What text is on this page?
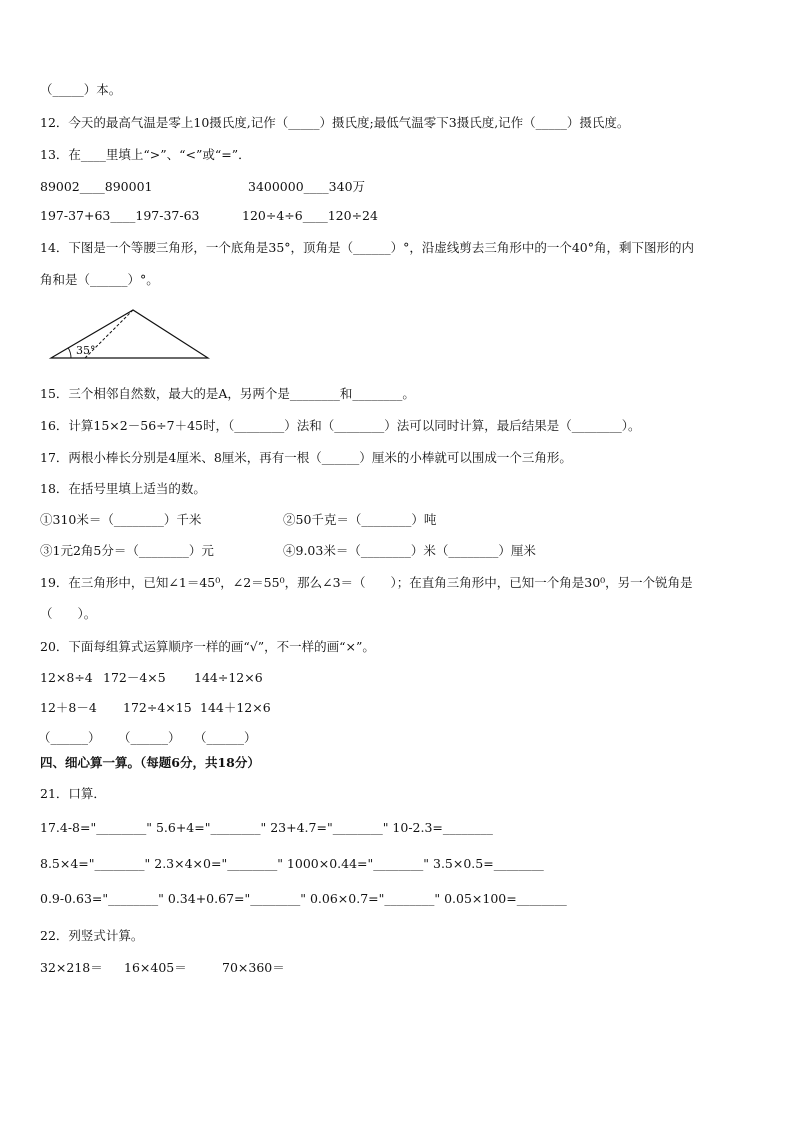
（_____）本。
12．今天的最高气温是零上10摄氏度,记作（_____）摄氏度;最低气温零下3摄氏度,记作（_____）摄氏度。
13．在____里填上“>”、“<”或“=”．
89002____890001	3400000____340万
197-37+63____197-37-63	120÷4÷6____120÷24
14．下图是一个等腰三角形，一个底角是35°，顶角是（______）°，沿虚线剪去三角形中的一个40°角，剩下图形的内
角和是（______）°。
35°
15．三个相邻自然数，最大的是A，另两个是________和________。
16．计算15×2－56÷7＋45时，（________）法和（________）法可以同时计算，最后结果是（________）。
17．两根小棒长分别是4厘米、8厘米，再有一根（______）厘米的小棒就可以围成一个三角形。
18．在括号里填上适当的数。
①310米＝（________）千米	②50千克＝（________）吨
③1元2角5分＝（________）元	④9.03米＝（________）米（________）厘米
19．在三角形中，已知∠1＝45⁰，∠2＝55⁰，那么∠3＝（　　）；在直角三角形中，已知一个角是30⁰，另一个锐角是
（　　）。
20．下面每组算式运算顺序一样的画“√”，不一样的画“×”。
12×8÷4 172－4×5 144÷12×6
12＋8－4 172÷4×15 144＋12×6
（______） （______） （______）
四、细心算一算。（每题6分，共18分）
21．口算．
17.4-8="________" 5.6+4="________" 23+4.7="________" 10-2.3=________
8.5×4="________" 2.3×4×0="________" 1000×0.44="________" 3.5×0.5=________
0.9-0.63="________" 0.34+0.67="________" 0.06×0.7="________" 0.05×100=________
22．列竖式计算。
32×218＝ 16×405＝	70×360＝
